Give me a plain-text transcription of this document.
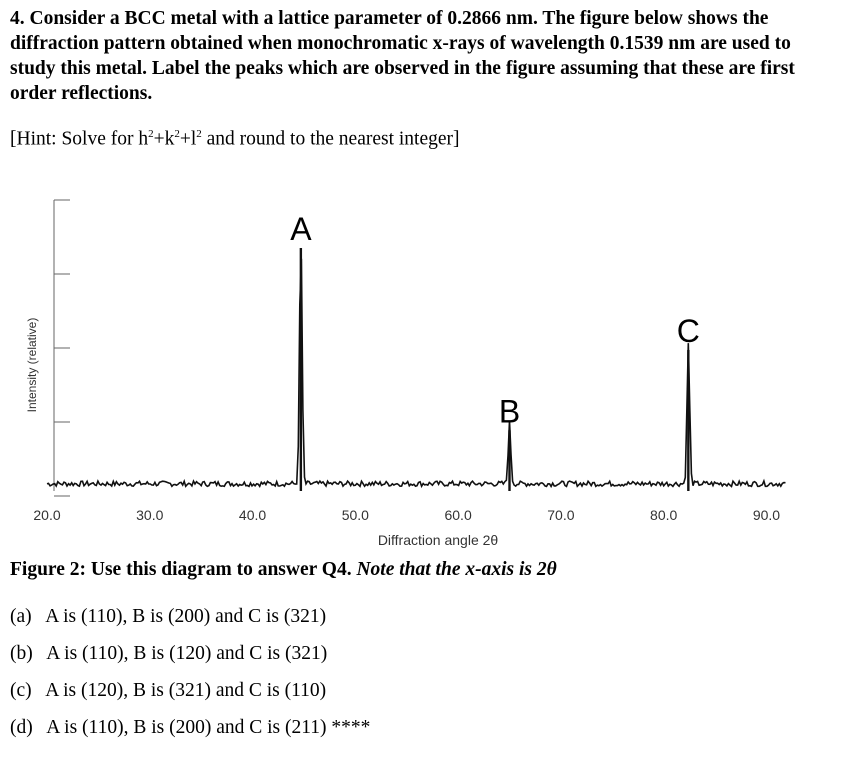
4. Consider a BCC metal with a lattice parameter of 0.2866 nm. The figure below shows the diffraction pattern obtained when monochromatic x-rays of wavelength 0.1539 nm are used to study this metal. Label the peaks which are observed in the figure assuming that these are first order reflections.
[Hint: Solve for $h^2+k^2+l^2$ and round to the nearest integer]
Intensity (relative)
A
B
C
20.0	30.0	40.0	50.0	60.0	70.0	80.0	90.0
Diffraction angle 2θ
Figure 2: Use this diagram to answer Q4. Note that the x-axis is 2θ
(a)   A is (110), B is (200) and C is (321)
(b)   A is (110), B is (120) and C is (321)
(c)   A is (120), B is (321) and C is (110)
(d)   A is (110), B is (200) and C is (211) ****
